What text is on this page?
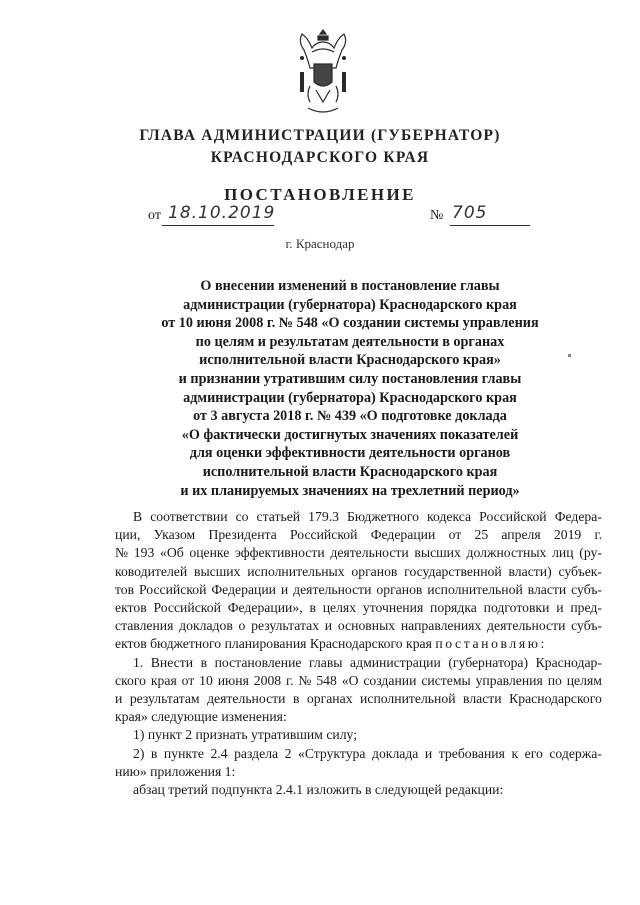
ГЛАВА АДМИНИСТРАЦИИ (ГУБЕРНАТОР)
КРАСНОДАРСКОГО КРАЯ
ПОСТАНОВЛЕНИЕ
от 18.10.2019	№ 705
г. Краснодар
О внесении изменений в постановление главы
администрации (губернатора) Краснодарского края
от 10 июня 2008 г. № 548 «О создании системы управления
по целям и результатам деятельности в органах
исполнительной власти Краснодарского края»
и признании утратившим силу постановления главы
администрации (губернатора) Краснодарского края
от 3 августа 2018 г. № 439 «О подготовке доклада
«О фактически достигнутых значениях показателей
для оценки эффективности деятельности органов
исполнительной власти Краснодарского края
и их планируемых значениях на трехлетний период»
В соответствии со статьей 179.3 Бюджетного кодекса Российской Федера-
ции, Указом Президента Российской Федерации от 25 апреля 2019 г.
№ 193 «Об оценке эффективности деятельности высших должностных лиц (ру-
ководителей высших исполнительных органов государственной власти) субъек-
тов Российской Федерации и деятельности органов исполнительной власти субъ-
ектов Российской Федерации», в целях уточнения порядка подготовки и пред-
ставления докладов о результатах и основных направлениях деятельности субъ-
ектов бюджетного планирования Краснодарского края
постановляю:
1. Внести в постановление главы администрации (губернатора) Краснодар-
ского края от 10 июня 2008 г. № 548 «О создании системы управления по целям
и результатам деятельности в органах исполнительной власти Краснодарского
края» следующие изменения:
1) пункт 2 признать утратившим силу;
2) в пункте 2.4 раздела 2 «Структура доклада и требования к его содержа-
нию» приложения 1:
абзац третий подпункта 2.4.1 изложить в следующей редакции:
